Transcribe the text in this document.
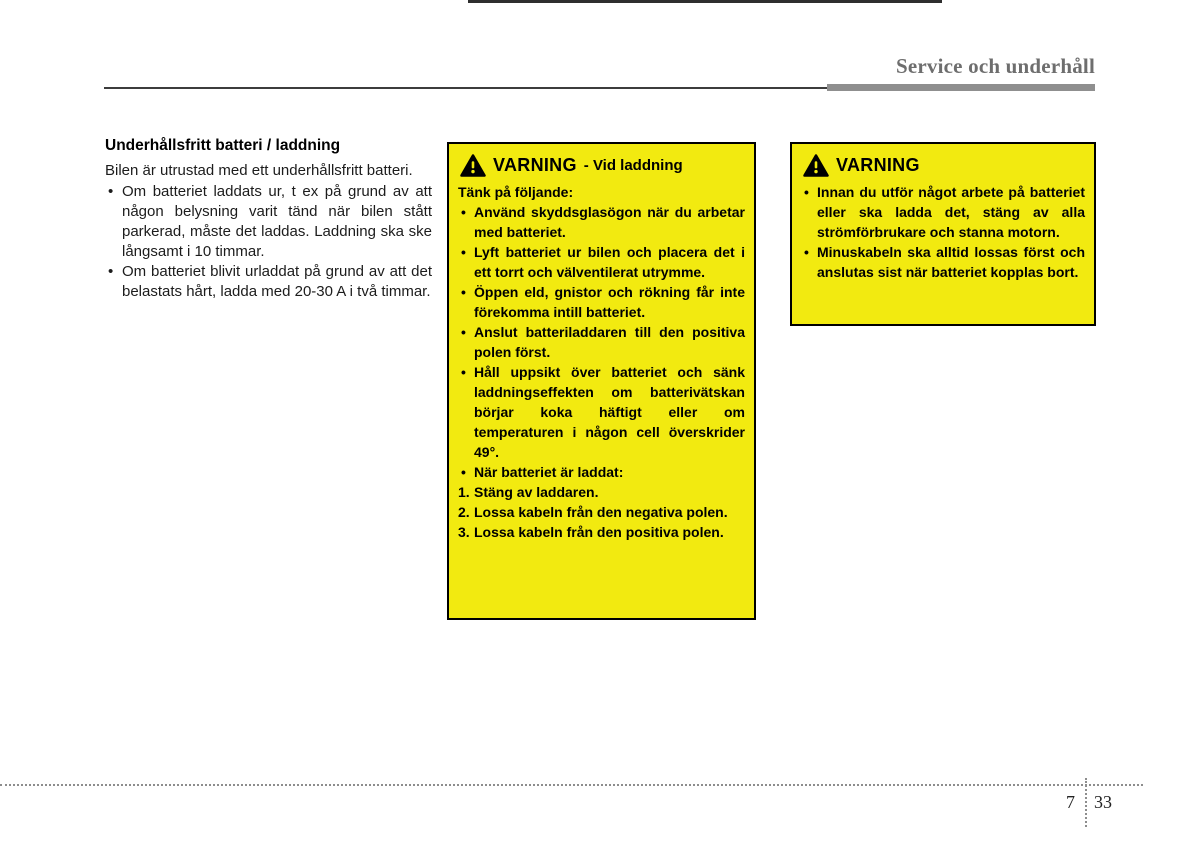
Service och underhåll
Underhållsfritt batteri / laddning

Bilen är utrustad med ett underhållsfritt batteri.

• Om batteriet laddats ur, t ex på grund av att någon belysning varit tänd när bilen stått parkerad, måste det laddas. Laddning ska ske långsamt i 10 timmar.
• Om batteriet blivit urladdat på grund av att det belastats hårt, ladda med 20-30 A i två timmar.
VARNING - Vid laddning
Tänk på följande:
• Använd skyddsglasögon när du arbetar med batteriet.
• Lyft batteriet ur bilen och placera det i ett torrt och välventilerat utrymme.
• Öppen eld, gnistor och rökning får inte förekomma intill batteriet.
• Anslut batteriladdaren till den positiva polen först.
• Håll uppsikt över batteriet och sänk laddningseffekten om batterivätskan börjar koka häftigt eller om temperaturen i någon cell överskrider 49°.
• När batteriet är laddat:
1. Stäng av laddaren.
2. Lossa kabeln från den negativa polen.
3. Lossa kabeln från den positiva polen.
VARNING
• Innan du utför något arbete på batteriet eller ska ladda det, stäng av alla strömförbrukare och stanna motorn.
• Minuskabeln ska alltid lossas först och anslutas sist när batteriet kopplas bort.
7 33
